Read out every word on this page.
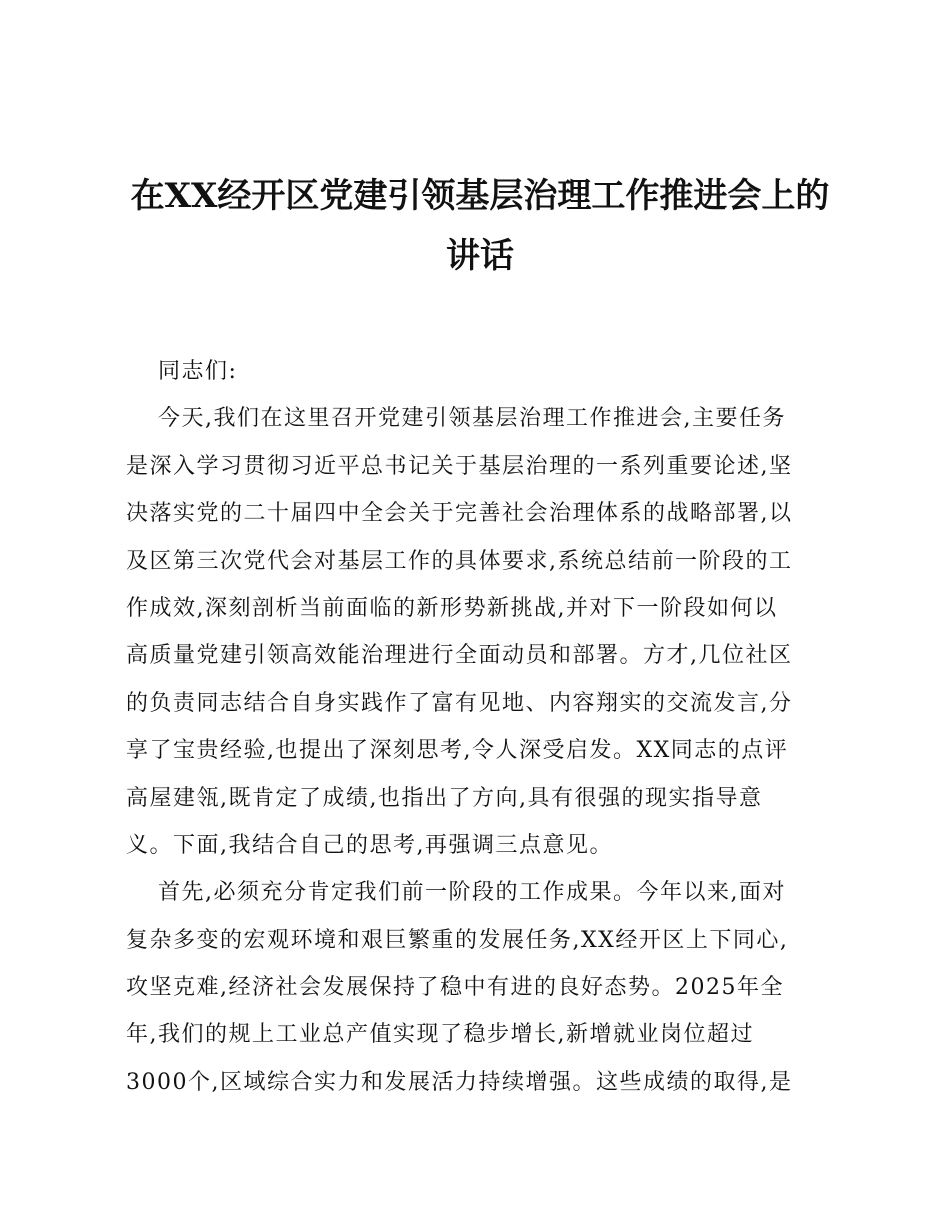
在XX经开区党建引领基层治理工作推进会上的
讲话
同志们:
今天,我们在这里召开党建引领基层治理工作推进会,主要任务
是深入学习贯彻习近平总书记关于基层治理的一系列重要论述,坚
决落实党的二十届四中全会关于完善社会治理体系的战略部署,以
及区第三次党代会对基层工作的具体要求,系统总结前一阶段的工
作成效,深刻剖析当前面临的新形势新挑战,并对下一阶段如何以
高质量党建引领高效能治理进行全面动员和部署。方才,几位社区
的负责同志结合自身实践作了富有见地、内容翔实的交流发言,分
享了宝贵经验,也提出了深刻思考,令人深受启发。XX同志的点评
高屋建瓴,既肯定了成绩,也指出了方向,具有很强的现实指导意
义。下面,我结合自己的思考,再强调三点意见。
首先,必须充分肯定我们前一阶段的工作成果。今年以来,面对
复杂多变的宏观环境和艰巨繁重的发展任务,XX经开区上下同心,
攻坚克难,经济社会发展保持了稳中有进的良好态势。2025年全
年,我们的规上工业总产值实现了稳步增长,新增就业岗位超过
3000个,区域综合实力和发展活力持续增强。这些成绩的取得,是
